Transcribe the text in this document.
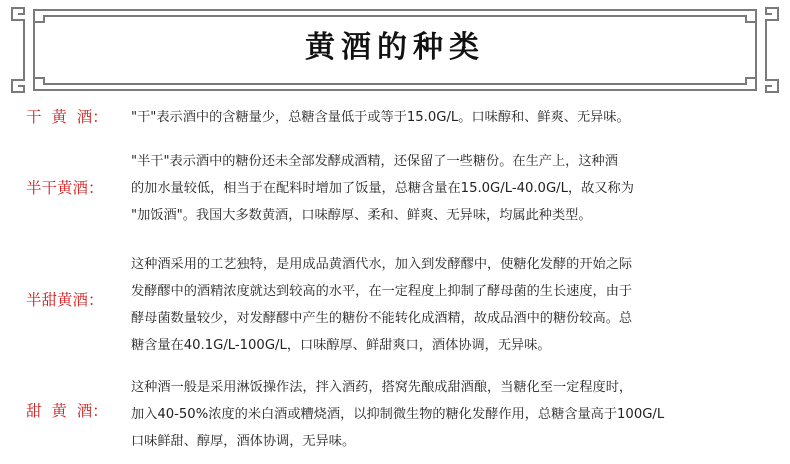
黄酒的种类
干  黄  酒：	"干"表示酒中的含糖量少，总糖含量低于或等于15.0G/L。口味醇和、鲜爽、无异味。
半干黄酒：
"半干"表示酒中的糖份还未全部发酵成酒精，还保留了一些糖份。在生产上，这种酒
的加水量较低，相当于在配料时增加了饭量，总糖含量在15.0G/L-40.0G/L，故又称为
"加饭酒"。我国大多数黄酒，口味醇厚、柔和、鲜爽、无异味，均属此种类型。
半甜黄酒：
这种酒采用的工艺独特，是用成品黄酒代水，加入到发酵醪中，使糖化发酵的开始之际
发酵醪中的酒精浓度就达到较高的水平，在一定程度上抑制了酵母菌的生长速度，由于
酵母菌数量较少，对发酵醪中产生的糖份不能转化成酒精，故成品酒中的糖份较高。总
糖含量在40.1G/L-100G/L，口味醇厚、鲜甜爽口，酒体协调，无异味。
甜  黄  酒：
这种酒一般是采用淋饭操作法，拌入酒药，搭窝先酿成甜酒酿，当糖化至一定程度时，
加入40-50%浓度的米白酒或糟烧酒，以抑制微生物的糖化发酵作用，总糖含量高于100G/L
口味鲜甜、醇厚，酒体协调，无异味。
